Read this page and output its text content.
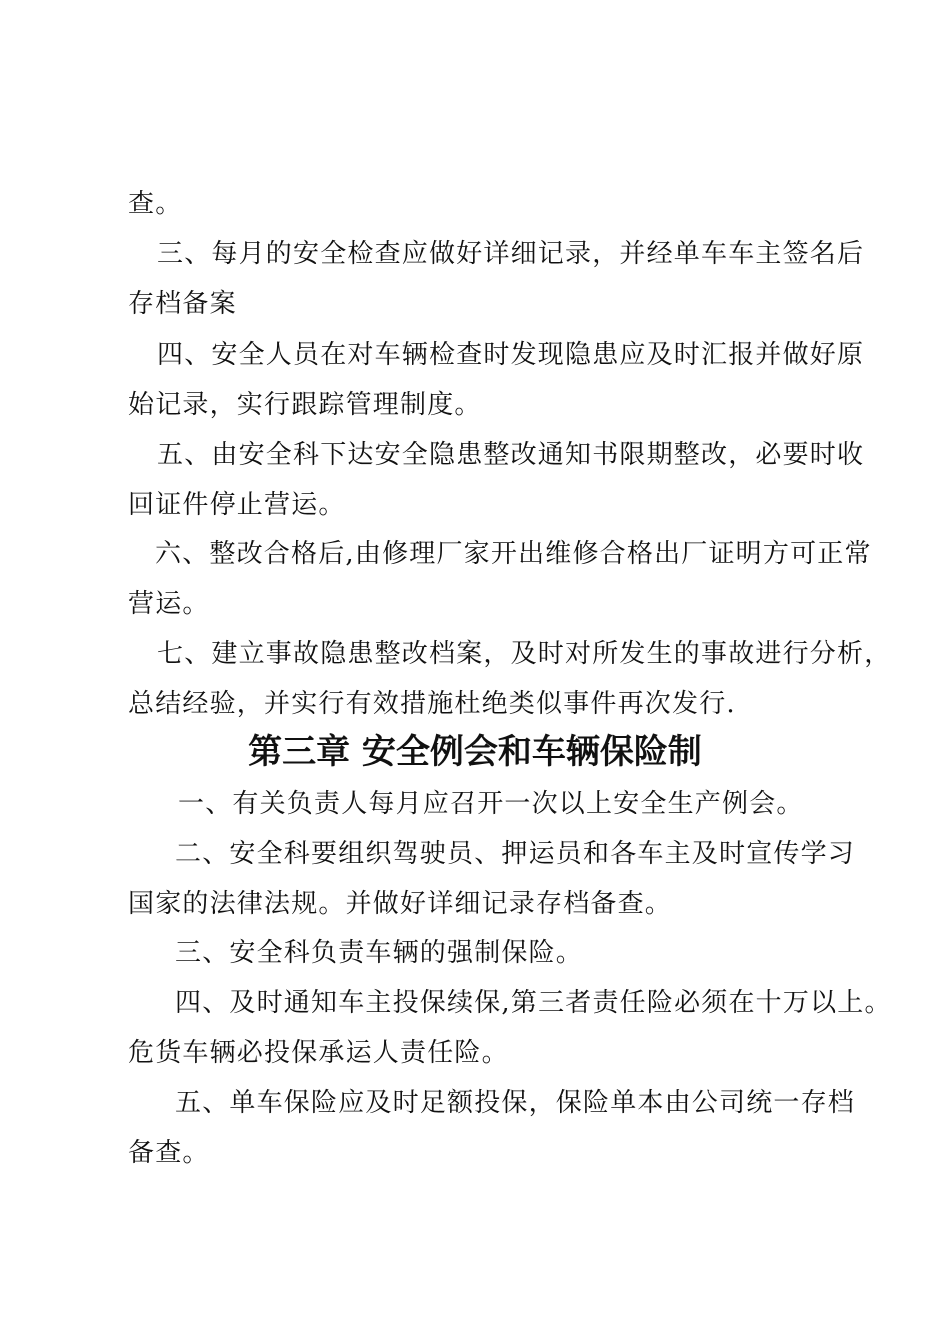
查。
三、每月的安全检查应做好详细记录，并经单车车主签名后
存档备案
四、安全人员在对车辆检查时发现隐患应及时汇报并做好原
始记录，实行跟踪管理制度。
五、由安全科下达安全隐患整改通知书限期整改，必要时收
回证件停止营运。
六、整改合格后,由修理厂家开出维修合格出厂证明方可正常
营运。
七、建立事故隐患整改档案，及时对所发生的事故进行分析，
总结经验，并实行有效措施杜绝类似事件再次发行.
第三章 安全例会和车辆保险制
一、有关负责人每月应召开一次以上安全生产例会。
二、安全科要组织驾驶员、押运员和各车主及时宣传学习
国家的法律法规。并做好详细记录存档备查。
三、安全科负责车辆的强制保险。
四、及时通知车主投保续保,第三者责任险必须在十万以上。
危货车辆必投保承运人责任险。
五、单车保险应及时足额投保，保险单本由公司统一存档
备查。
